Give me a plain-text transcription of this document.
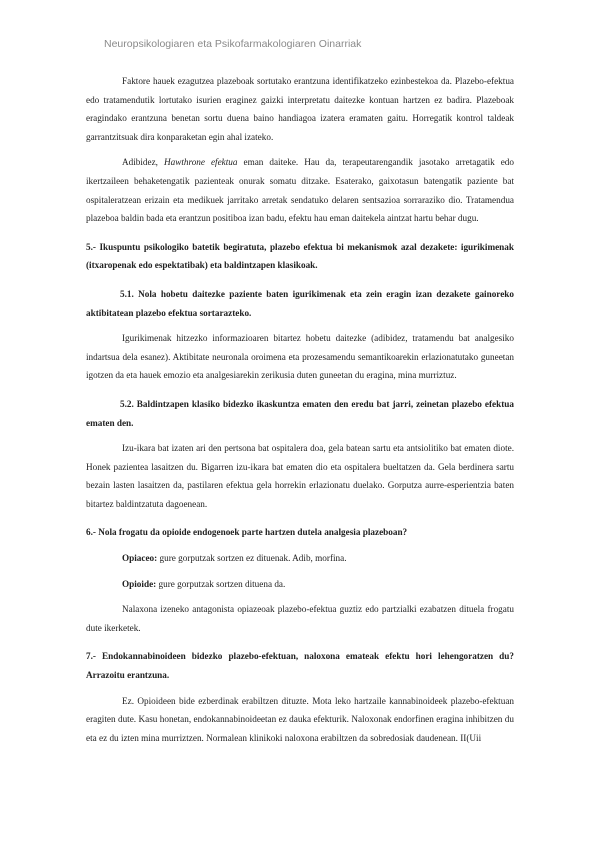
Neuropsikologiaren eta Psikofarmakologiaren Oinarriak

Faktore hauek ezagutzea plazeboak sortutako erantzuna identifikatzeko ezinbestekoa da. Plazebo-efektua edo tratamendutik lortutako isurien eraginez gaizki interpretatu daitezke kontuan hartzen ez badira. Plazeboak eragindako erantzuna benetan sortu duena baino handiagoa izatera eramaten gaitu. Horregatik kontrol taldeak garrantzitsuak dira konparaketan egin ahal izateko.

Adibidez, Hawthrone efektua eman daiteke. Hau da, terapeutarengandik jasotako arretagatik edo ikertzaileen behaketengatik pazienteak onurak somatu ditzake. Esaterako, gaixotasun batengatik paziente bat ospitaleratzean erizain eta medikuek jarritako arretak sendatuko delaren sentsazioa sorraraziko dio. Tratamendua plazeboa baldin bada eta erantzun positiboa izan badu, efektu hau eman daitekela aintzat hartu behar dugu.

5.- Ikuspuntu psikologiko batetik begiratuta, plazebo efektua bi mekanismok azal dezakete: igurikimenak (itxaropenak edo espektatibak) eta baldintzapen klasikoak.

5.1. Nola hobetu daitezke paziente baten igurikimenak eta zein eragin izan dezakete gainoreko aktibitatean plazebo efektua sortarazteko.

Igurikimenak hitzezko informazioaren bitartez hobetu daitezke (adibidez, tratamendu bat analgesiko indartsua dela esanez). Aktibitate neuronala oroimena eta prozesamendu semantikoarekin erlazionatutako guneetan igotzen da eta hauek emozio eta analgesiarekin zerikusia duten guneetan du eragina, mina murriztuz.

5.2. Baldintzapen klasiko bidezko ikaskuntza ematen den eredu bat jarri, zeinetan plazebo efektua ematen den.

Izu-ikara bat izaten ari den pertsona bat ospitalera doa, gela batean sartu eta antsiolitiko bat ematen diote. Honek pazientea lasaitzen du. Bigarren izu-ikara bat ematen dio eta ospitalera bueltatzen da. Gela berdinera sartu bezain lasten lasaitzen da, pastilaren efektua gela horrekin erlazionatu duelako. Gorputza aurre-esperientzia baten bitartez baldintzatuta dagoenean.

6.- Nola frogatu da opioide endogenoek parte hartzen dutela analgesia plazeboan?

Opiaceo: gure gorputzak sortzen ez dituenak. Adib, morfina.

Opioide: gure gorputzak sortzen dituena da.

Nalaxona izeneko antagonista opiazeoak plazebo-efektua guztiz edo partzialki ezabatzen dituela frogatu dute ikerketek.

7.- Endokannabinoideen bidezko plazebo-efektuan, naloxona emateak efektu hori lehengoratzen du? Arrazoitu erantzuna.

Ez. Opioideen bide ezberdinak erabiltzen dituzte. Mota leko hartzaile kannabinoideek plazebo-efektuan eragiten dute. Kasu honetan, endokannabinoideetan ez dauka efekturik. Naloxonak endorfinen eragina inhibitzen du eta ez du izten mina murriztzen. Normalean klinikoki naloxona erabiltzen da sobredosiak daudenean. II(Uii
